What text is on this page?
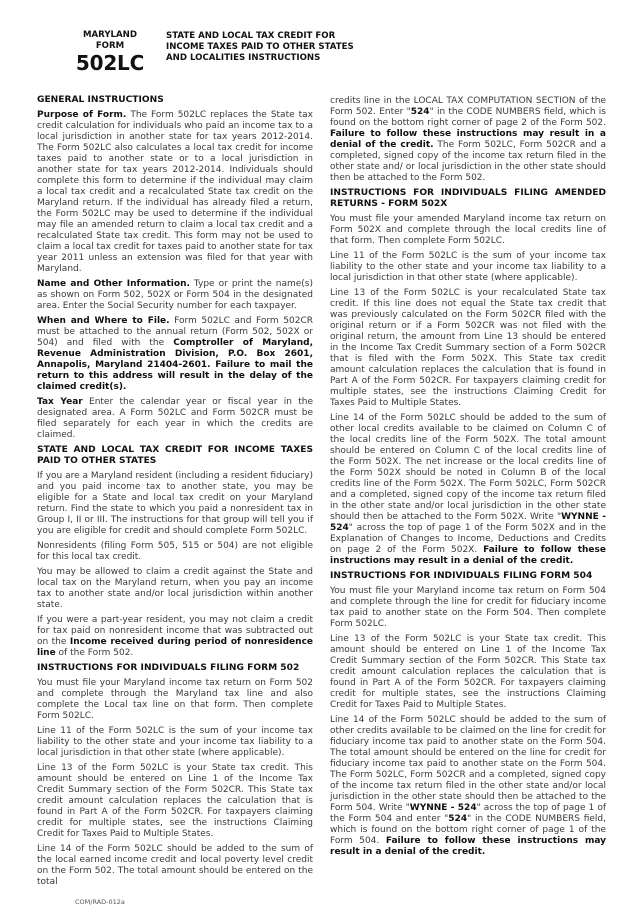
MARYLAND
FORM
502LC
STATE AND LOCAL TAX CREDIT FOR
INCOME TAXES PAID TO OTHER STATES
AND LOCALITIES INSTRUCTIONS
GENERAL INSTRUCTIONS

Purpose of Form. The Form 502LC replaces the State tax credit calculation for individuals who paid an income tax to a local jurisdiction in another state for tax years 2012-2014. The Form 502LC also calculates a local tax credit for income taxes paid to another state or to a local jurisdiction in another state for tax years 2012-2014. Individuals should complete this form to determine if the individual may claim a local tax credit and a recalculated State tax credit on the Maryland return. If the individual has already filed a return, the Form 502LC may be used to determine if the individual may file an amended return to claim a local tax credit and a recalculated State tax credit. This form may not be used to claim a local tax credit for taxes paid to another state for tax year 2011 unless an extension was filed for that year with Maryland.

Name and Other Information. Type or print the name(s) as shown on Form 502, 502X or Form 504 in the designated area. Enter the Social Security number for each taxpayer.

When and Where to File. Form 502LC and Form 502CR must be attached to the annual return (Form 502, 502X or 504) and filed with the Comptroller of Maryland, Revenue Administration Division, P.O. Box 2601, Annapolis, Maryland 21404-2601. Failure to mail the return to this address will result in the delay of the claimed credit(s).

Tax Year Enter the calendar year or fiscal year in the designated area. A Form 502LC and Form 502CR must be filed separately for each year in which the credits are claimed.

STATE AND LOCAL TAX CREDIT FOR INCOME TAXES PAID TO OTHER STATES

If you are a Maryland resident (including a resident fiduciary) and you paid income tax to another state, you may be eligible for a State and local tax credit on your Maryland return. Find the state to which you paid a nonresident tax in Group I, II or III. The instructions for that group will tell you if you are eligible for credit and should complete Form 502LC.

Nonresidents (filing Form 505, 515 or 504) are not eligible for this local tax credit.

You may be allowed to claim a credit against the State and local tax on the Maryland return, when you pay an income tax to another state and/or local jurisdiction within another state.

If you were a part-year resident, you may not claim a credit for tax paid on nonresident income that was subtracted out on the Income received during period of nonresidence line of the Form 502.

INSTRUCTIONS FOR INDIVIDUALS FILING FORM 502

You must file your Maryland income tax return on Form 502 and complete through the Maryland tax line and also complete the Local tax line on that form. Then complete Form 502LC.

Line 11 of the Form 502LC is the sum of your income tax liability to the other state and your income tax liability to a local jurisdiction in that other state (where applicable).

Line 13 of the Form 502LC is your State tax credit. This amount should be entered on Line 1 of the Income Tax Credit Summary section of the Form 502CR. This State tax credit amount calculation replaces the calculation that is found in Part A of the Form 502CR. For taxpayers claiming credit for multiple states, see the instructions Claiming Credit for Taxes Paid to Multiple States.

Line 14 of the Form 502LC should be added to the sum of the local earned income credit and local poverty level credit on the Form 502. The total amount should be entered on the total

COM/RAD-012a

credits line in the LOCAL TAX COMPUTATION SECTION of the Form 502. Enter "524" in the CODE NUMBERS field, which is found on the bottom right corner of page 2 of the Form 502. Failure to follow these instructions may result in a denial of the credit. The Form 502LC, Form 502CR and a completed, signed copy of the income tax return filed in the other state and/ or local jurisdiction in the other state should then be attached to the Form 502.

INSTRUCTIONS FOR INDIVIDUALS FILING AMENDED RETURNS - FORM 502X

You must file your amended Maryland income tax return on Form 502X and complete through the local credits line of that form. Then complete Form 502LC.

Line 11 of the Form 502LC is the sum of your income tax liability to the other state and your income tax liability to a local jurisdiction in that other state (where applicable).

Line 13 of the Form 502LC is your recalculated State tax credit. If this line does not equal the State tax credit that was previously calculated on the Form 502CR filed with the original return or if a Form 502CR was not filed with the original return, the amount from Line 13 should be entered in the Income Tax Credit Summary section of a Form 502CR that is filed with the Form 502X. This State tax credit amount calculation replaces the calculation that is found in Part A of the Form 502CR. For taxpayers claiming credit for multiple states, see the instructions Claiming Credit for Taxes Paid to Multiple States.

Line 14 of the Form 502LC should be added to the sum of other local credits available to be claimed on Column C of the local credits line of the Form 502X. The total amount should be entered on Column C of the local credits line of the Form 502X. The net increase or the local credits line of the Form 502X should be noted in Column B of the local credits line of the Form 502X. The Form 502LC, Form 502CR and a completed, signed copy of the income tax return filed in the other state and/or local jurisdiction in the other state should then be attached to the Form 502X. Write "WYNNE - 524" across the top of page 1 of the Form 502X and in the Explanation of Changes to Income, Deductions and Credits on page 2 of the Form 502X. Failure to follow these instructions may result in a denial of the credit.

INSTRUCTIONS FOR INDIVIDUALS FILING FORM 504

You must file your Maryland income tax return on Form 504 and complete through the line for credit for fiduciary income tax paid to another state on the Form 504. Then complete Form 502LC.

Line 13 of the Form 502LC is your State tax credit. This amount should be entered on Line 1 of the Income Tax Credit Summary section of the Form 502CR. This State tax credit amount calculation replaces the calculation that is found in Part A of the Form 502CR. For taxpayers claiming credit for multiple states, see the instructions Claiming Credit for Taxes Paid to Multiple States.

Line 14 of the Form 502LC should be added to the sum of other credits available to be claimed on the line for credit for fiduciary income tax paid to another state on the Form 504. The total amount should be entered on the line for credit for fiduciary income tax paid to another state on the Form 504. The Form 502LC, Form 502CR and a completed, signed copy of the income tax return filed in the other state and/or local jurisdiction in the other state should then be attached to the Form 504. Write "WYNNE - 524" across the top of page 1 of the Form 504 and enter "524" in the CODE NUMBERS field, which is found on the bottom right corner of page 1 of the Form 504. Failure to follow these instructions may result in a denial of the credit.
